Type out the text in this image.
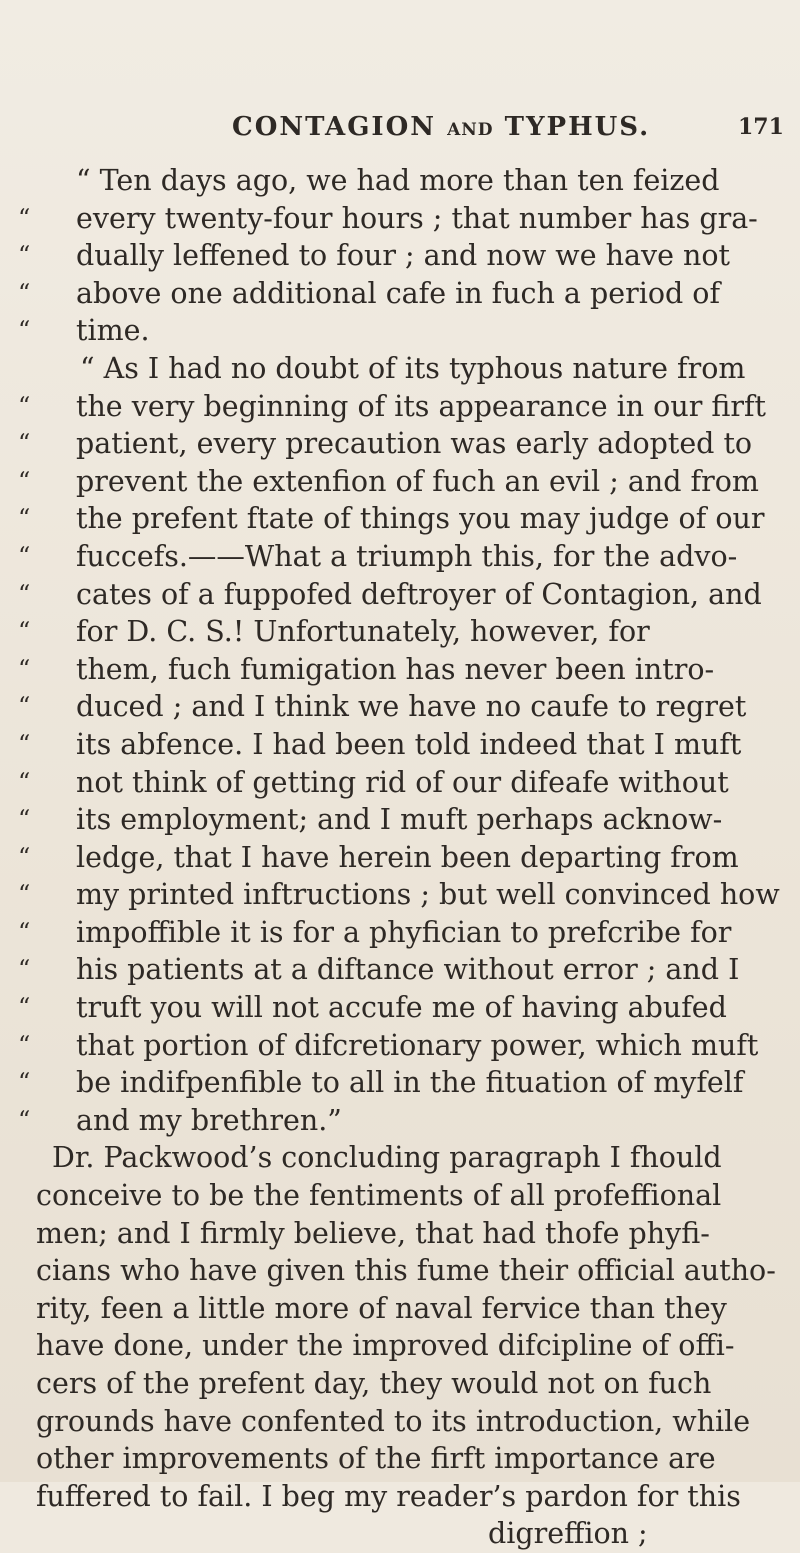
CONTAGION AND TYPHUS.	171
“ Ten days ago, we had more than ten feized
“	every twenty-four hours ; that number has gra-
“	dually leffened to four ; and now we have not
“	above one additional cafe in fuch a period of
“	time.
“ As I had no doubt of its typhous nature from
“	the very beginning of its appearance in our firft
“	patient, every precaution was early adopted to
“	prevent the extenfion of fuch an evil ; and from
“	the prefent ftate of things you may judge of our
“	fuccefs.——What a triumph this, for the advo-
“	cates of a fuppofed deftroyer of Contagion, and
“	for D. C. S.! Unfortunately, however, for
“	them, fuch fumigation has never been intro-
“	duced ; and I think we have no caufe to regret
“	its abfence. I had been told indeed that I muft
“	not think of getting rid of our difeafe without
“	its employment; and I muft perhaps acknow-
“	ledge, that I have herein been departing from
“	my printed inftructions ; but well convinced how
“	impoffible it is for a phyfician to prefcribe for
“	his patients at a diftance without error ; and I
“	truft you will not accufe me of having abufed
“	that portion of difcretionary power, which muft
“	be indifpenfible to all in the fituation of myfelf
“	and my brethren.”
Dr. Packwood’s concluding paragraph I fhould
conceive to be the fentiments of all profeffional
men; and I firmly believe, that had thofe phyfi-
cians who have given this fume their official autho-
rity, feen a little more of naval fervice than they
have done, under the improved difcipline of offi-
cers of the prefent day, they would not on fuch
grounds have confented to its introduction, while
other improvements of the firft importance are
fuffered to fail. I beg my reader’s pardon for this
digreffion ;
